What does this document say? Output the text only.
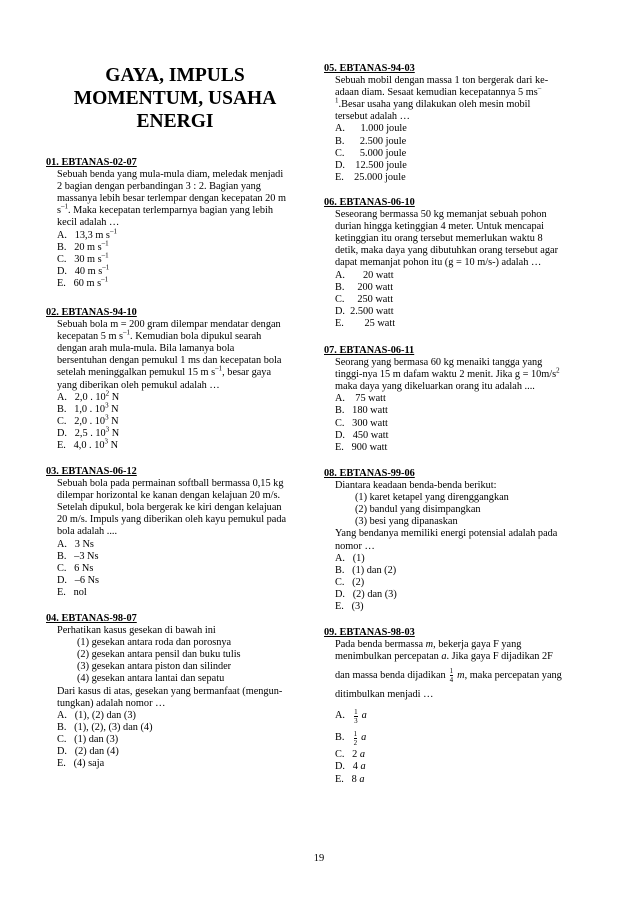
GAYA, IMPULS
MOMENTUM, USAHA
ENERGI
01. EBTANAS-02-07
Sebuah benda yang mula-mula diam, meledak menjadi
2 bagian dengan perbandingan 3 : 2. Bagian yang
massanya lebih besar terlempar dengan kecepatan 20 m
$s^{-1}$. Maka kecepatan terlemparnya bagian yang lebih
kecil adalah …
A. 13,3 m $s^{-1}$
B. 20 m $s^{-1}$
C. 30 m $s^{-1}$
D. 40 m $s^{-1}$
E. 60 m $s^{-1}$
02. EBTANAS-94-10
Sebuah bola m = 200 gram dilempar mendatar dengan
kecepatan 5 m $s^{-1}$. Kemudian bola dipukul searah
dengan arah mula-mula. Bila lamanya bola
bersentuhan dengan pemukul 1 ms dan kecepatan bola
setelah meninggalkan pemukul 15 m $s^{-1}$, besar gaya
yang diberikan oleh pemukul adalah …
A. 2,0 . $10^2$ N
B. 1,0 . $10^3$ N
C. 2,0 . $10^3$ N
D. 2,5 . $10^3$ N
E. 4,0 . $10^3$ N
03. EBTANAS-06-12
Sebuah bola pada permainan softball bermassa 0,15 kg
dilempar horizontal ke kanan dengan kelajuan 20 m/s.
Setelah dipukul, bola bergerak ke kiri dengan kelajuan
20 m/s. Impuls yang diberikan oleh kayu pemukul pada
bola adalah ....
A.   3 Ns
B.   –3 Ns
C.   6 Ns
D.   –6 Ns
E.   nol
04. EBTANAS-98-07
Perhatikan kasus gesekan di bawah ini
(1) gesekan antara roda dan porosnya
(2) gesekan antara pensil dan buku tulis
(3) gesekan antara piston dan silinder
(4) gesekan antara lantai dan sepatu
Dari kasus di atas, gesekan yang bermanfaat (mengun-
tungkan) adalah nomor …
A.   (1), (2) dan (3)
B.   (1), (2), (3) dan (4)
C.   (1) dan (3)
D.   (2) dan (4)
E.   (4) saja
05. EBTANAS-94-03
Sebuah mobil dengan massa 1 ton bergerak dari ke-
adaan diam. Sesaat kemudian kecepatannya 5 ms–
$^1$.Besar usaha yang dilakukan oleh mesin mobil
tersebut adalah …
A.      1.000 joule
B.      2.500 joule
C.      5.000 joule
D.    12.500 joule
E.    25.000 joule
06. EBTANAS-06-10
Seseorang bermassa 50 kg memanjat sebuah pohon
durian hingga ketinggian 4 meter. Untuk mencapai
ketinggian itu orang tersebut memerlukan waktu 8
detik, maka daya yang dibutuhkan orang tersebut agar
dapat memanjat pohon itu (g = 10 m/s-) adalah …
A.       20 watt
B.     200 watt
C.     250 watt
D.  2.500 watt
E.        25 watt
07. EBTANAS-06-11
Seorang yang bermasa 60 kg menaiki tangga yang
tinggi-nya 15 m dafam waktu 2 menit. Jika $g = 10m/s^2$
maka daya yang dikeluarkan orang itu adalah ....
A.    75 watt
B.   180 watt
C.   300 watt
D.   450 watt
E.   900 watt
08. EBTANAS-99-06
Diantara keadaan benda-benda berikut:
(1) karet ketapel yang direnggangkan
(2) bandul yang disimpangkan
(3) besi yang dipanaskan
Yang bendanya memiliki energi potensial adalah pada
nomor …
A.   (1)
B.   (1) dan (2)
C.   (2)
D.   (2) dan (3)
E.   (3)
09. EBTANAS-98-03
Pada benda bermassa m, bekerja gaya F yang
menimbulkan percepatan a. Jika gaya F dijadikan 2F
dan massa benda dijadikan $\frac{1}{4} m$, maka percepatan yang
ditimbulkan menjadi …
A. $\frac{1}{3}$ a
B. $\frac{1}{2}$ a
C.   2 a
D.   4 a
E.   8 a
19
